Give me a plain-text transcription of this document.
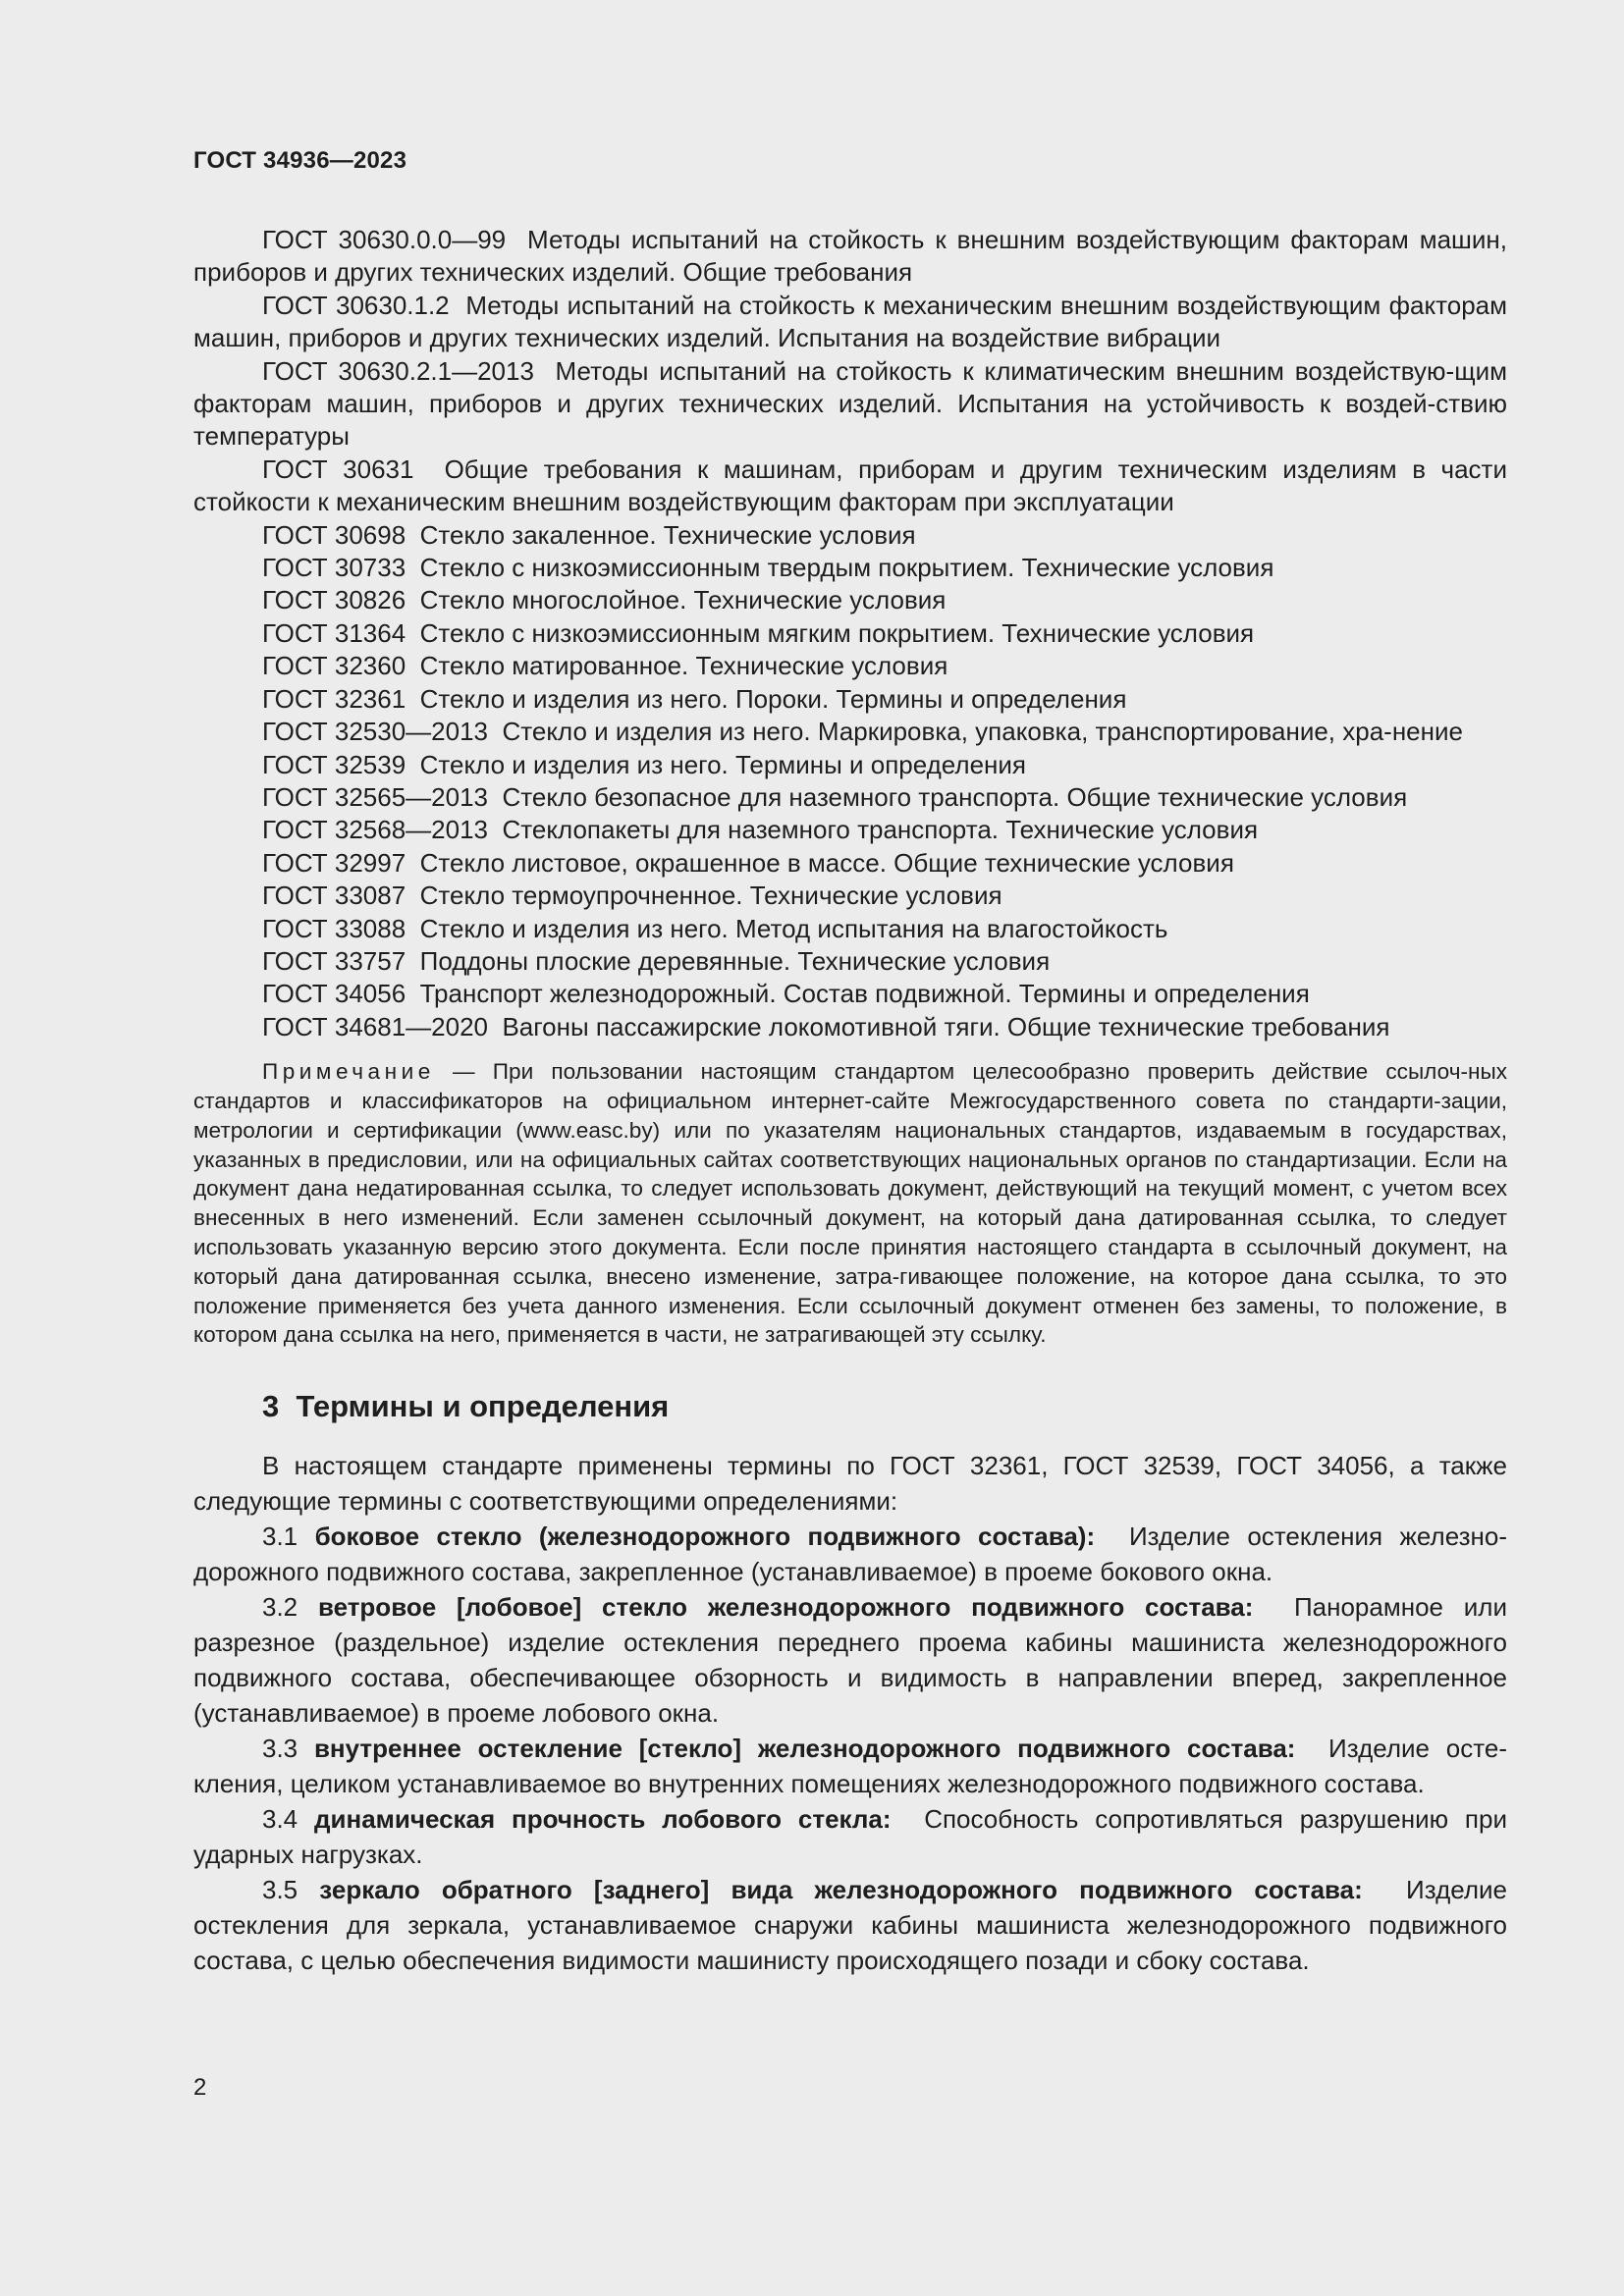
ГОСТ 34936—2023

ГОСТ 30630.0.0—99 Методы испытаний на стойкость к внешним воздействующим факторам машин, приборов и других технических изделий. Общие требования

ГОСТ 30630.1.2 Методы испытаний на стойкость к механическим внешним воздействующим факторам машин, приборов и других технических изделий. Испытания на воздействие вибрации

ГОСТ 30630.2.1—2013 Методы испытаний на стойкость к климатическим внешним воздействую-щим факторам машин, приборов и других технических изделий. Испытания на устойчивость к воздей-ствию температуры

ГОСТ 30631 Общие требования к машинам, приборам и другим техническим изделиям в части стойкости к механическим внешним воздействующим факторам при эксплуатации

ГОСТ 30698 Стекло закаленное. Технические условия

ГОСТ 30733 Стекло с низкоэмиссионным твердым покрытием. Технические условия

ГОСТ 30826 Стекло многослойное. Технические условия

ГОСТ 31364 Стекло с низкоэмиссионным мягким покрытием. Технические условия

ГОСТ 32360 Стекло матированное. Технические условия

ГОСТ 32361 Стекло и изделия из него. Пороки. Термины и определения

ГОСТ 32530—2013 Стекло и изделия из него. Маркировка, упаковка, транспортирование, хра-нение

ГОСТ 32539 Стекло и изделия из него. Термины и определения

ГОСТ 32565—2013 Стекло безопасное для наземного транспорта. Общие технические условия

ГОСТ 32568—2013 Стеклопакеты для наземного транспорта. Технические условия

ГОСТ 32997 Стекло листовое, окрашенное в массе. Общие технические условия

ГОСТ 33087 Стекло термоупрочненное. Технические условия

ГОСТ 33088 Стекло и изделия из него. Метод испытания на влагостойкость

ГОСТ 33757 Поддоны плоские деревянные. Технические условия

ГОСТ 34056 Транспорт железнодорожный. Состав подвижной. Термины и определения

ГОСТ 34681—2020 Вагоны пассажирские локомотивной тяги. Общие технические требования

Примечание — При пользовании настоящим стандартом целесообразно проверить действие ссылоч-ных стандартов и классификаторов на официальном интернет-сайте Межгосударственного совета по стандарти-зации, метрологии и сертификации (www.easc.by) или по указателям национальных стандартов, издаваемым в государствах, указанных в предисловии, или на официальных сайтах соответствующих национальных органов по стандартизации. Если на документ дана недатированная ссылка, то следует использовать документ, действующий на текущий момент, с учетом всех внесенных в него изменений. Если заменен ссылочный документ, на который дана датированная ссылка, то следует использовать указанную версию этого документа. Если после принятия настоящего стандарта в ссылочный документ, на который дана датированная ссылка, внесено изменение, затра-гивающее положение, на которое дана ссылка, то это положение применяется без учета данного изменения. Если ссылочный документ отменен без замены, то положение, в котором дана ссылка на него, применяется в части, не затрагивающей эту ссылку.
3 Термины и определения

В настоящем стандарте применены термины по ГОСТ 32361, ГОСТ 32539, ГОСТ 34056, а также следующие термины с соответствующими определениями:

3.1 боковое стекло (железнодорожного подвижного состава): Изделие остекления железно-дорожного подвижного состава, закрепленное (устанавливаемое) в проеме бокового окна.

3.2 ветровое [лобовое] стекло железнодорожного подвижного состава: Панорамное или разрезное (раздельное) изделие остекления переднего проема кабины машиниста железнодорожного подвижного состава, обеспечивающее обзорность и видимость в направлении вперед, закрепленное (устанавливаемое) в проеме лобового окна.

3.3 внутреннее остекление [стекло] железнодорожного подвижного состава: Изделие осте-кления, целиком устанавливаемое во внутренних помещениях железнодорожного подвижного состава.

3.4 динамическая прочность лобового стекла: Способность сопротивляться разрушению при ударных нагрузках.

3.5 зеркало обратного [заднего] вида железнодорожного подвижного состава: Изделие остекления для зеркала, устанавливаемое снаружи кабины машиниста железнодорожного подвижного состава, с целью обеспечения видимости машинисту происходящего позади и сбоку состава.

2
